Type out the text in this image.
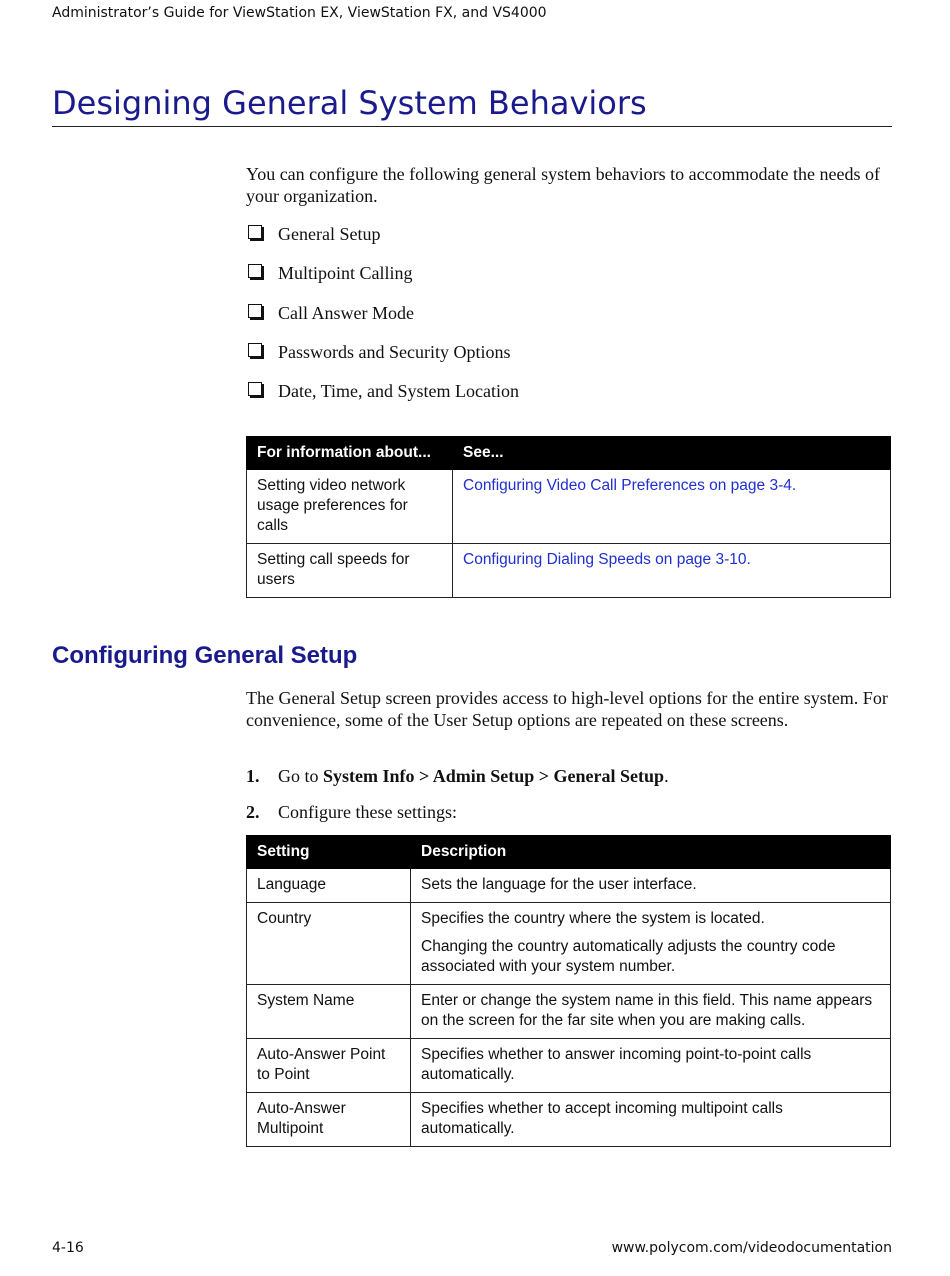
Administrator’s Guide for ViewStation EX, ViewStation FX, and VS4000
Designing General System Behaviors

You can configure the following general system behaviors to accommodate the needs of your organization.

General Setup
Multipoint Calling
Call Answer Mode
Passwords and Security Options
Date, Time, and System Location
For information about...	See...
Setting video network usage preferences for calls	Configuring Video Call Preferences on page 3-4.
Setting call speeds for users	Configuring Dialing Speeds on page 3-10.
Configuring General Setup

The General Setup screen provides access to high-level options for the entire system. For convenience, some of the User Setup options are repeated on these screens.

1. Go to System Info > Admin Setup > General Setup.
2. Configure these settings:
Setting	Description
Language	Sets the language for the user interface.

Country	Specifies the country where the system is located.

Changing the country automatically adjusts the country code associated with your system number.

System Name	Enter or change the system name in this field. This name appears on the screen for the far site when you are making calls.

Auto-Answer Point to Point	Specifies whether to answer incoming point-to-point calls automatically.

Auto-Answer Multipoint	Specifies whether to accept incoming multipoint calls automatically.

4-16	www.polycom.com/videodocumentation
